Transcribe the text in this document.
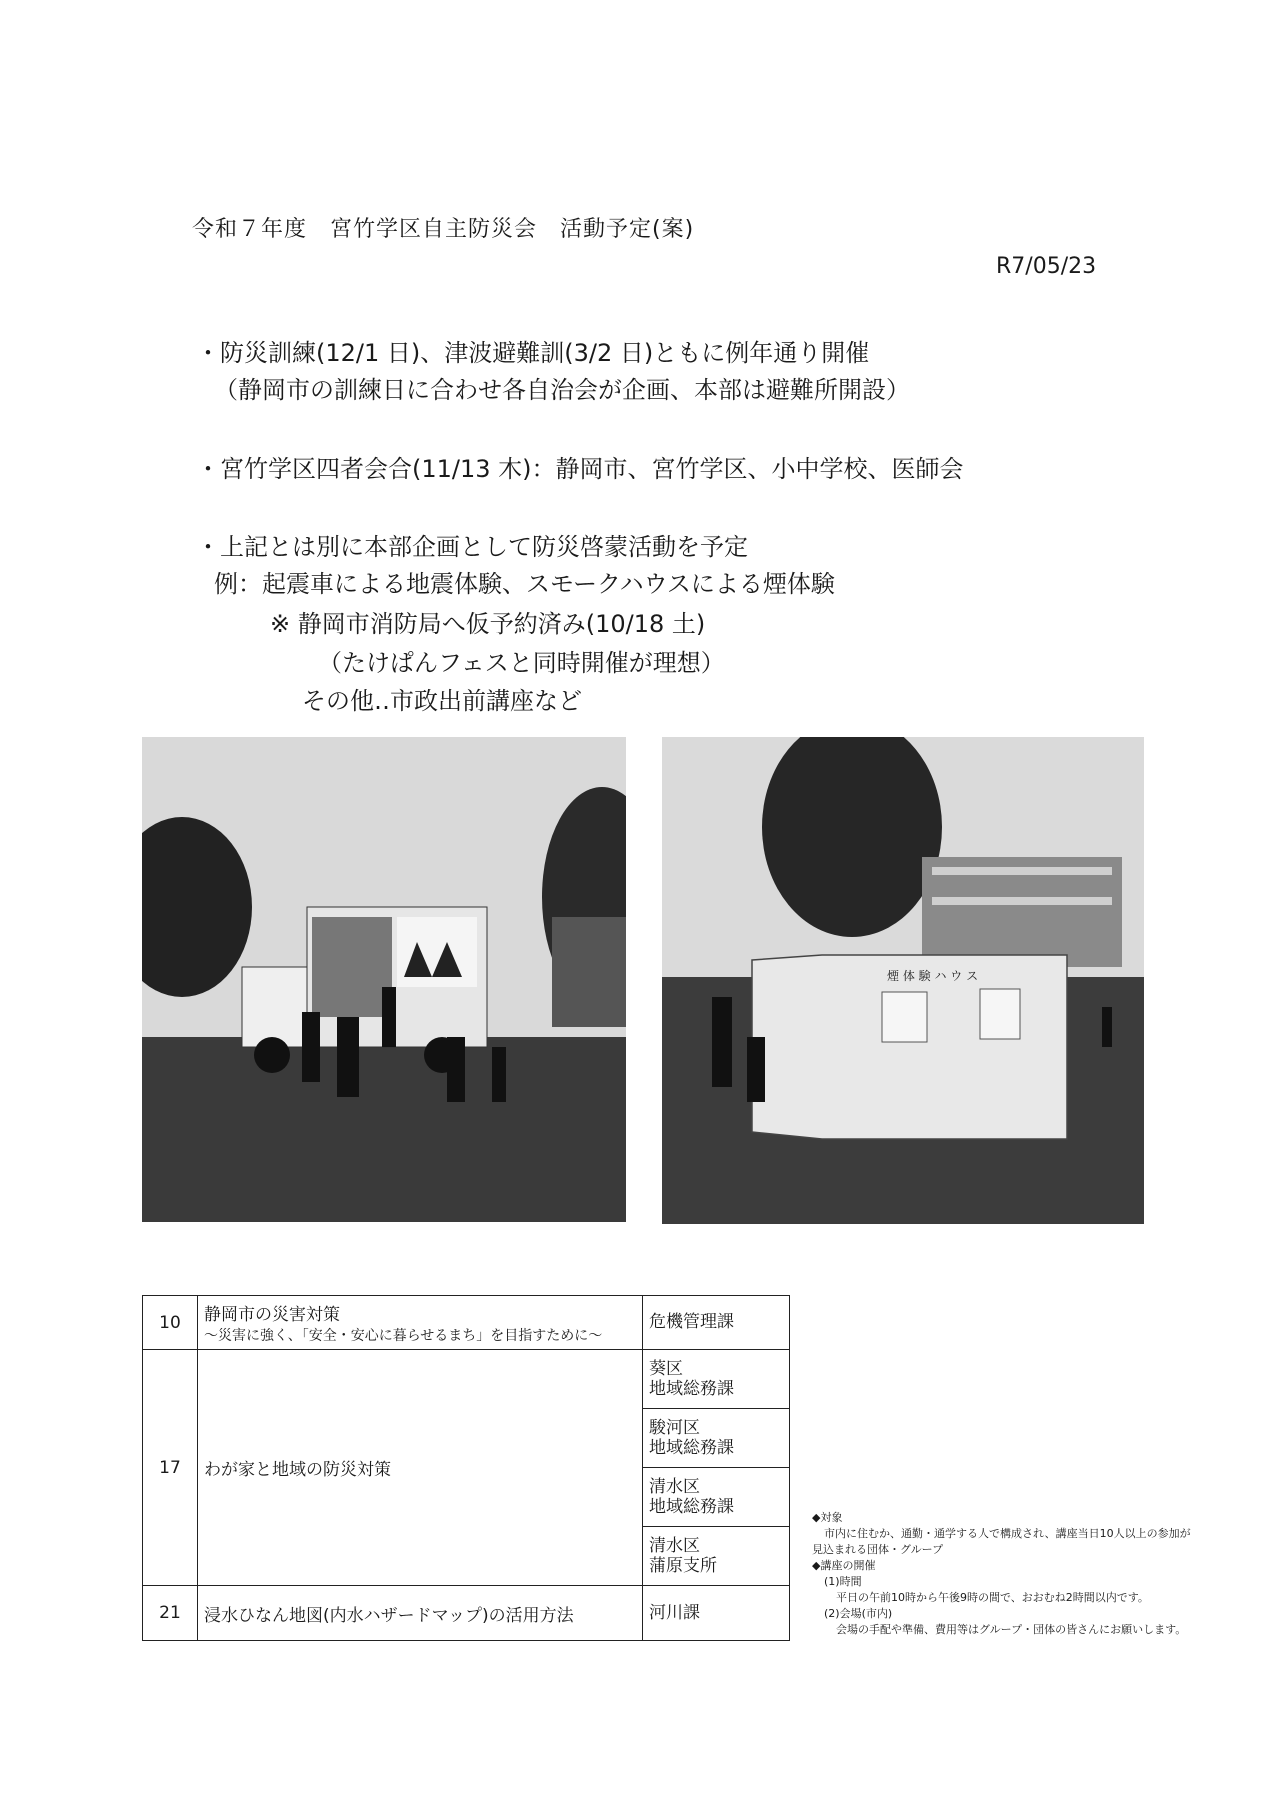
令和７年度　宮竹学区自主防災会　活動予定(案)
R7/05/23
・防災訓練(12/1 日)、津波避難訓(3/2 日)ともに例年通り開催
（静岡市の訓練日に合わせ各自治会が企画、本部は避難所開設）
・宮竹学区四者会合(11/13 木)：静岡市、宮竹学区、小中学校、医師会
・上記とは別に本部企画として防災啓蒙活動を予定
例：起震車による地震体験、スモークハウスによる煙体験
※ 静岡市消防局へ仮予約済み(10/18 土)
（たけぱんフェスと同時開催が理想）
その他‥市政出前講座など
煙 体 験 ハ ウ ス
10	静岡市の災害対策
～災害に強く、「安全・安心に暮らせるまち」を目指すために～	危機管理課	
17	わが家と地域の防災対策	葵区
地域総務課	
		駿河区
地域総務課	
		清水区
地域総務課	
		清水区
蒲原支所	
21	浸水ひなん地図(内水ハザードマップ)の活用方法	河川課	
◆対象
市内に住むか、通勤・通学する人で構成され、講座当日10人以上の参加が
見込まれる団体・グループ
◆講座の開催
(1)時間
平日の午前10時から午後9時の間で、おおむね2時間以内です。
(2)会場(市内)
会場の手配や準備、費用等はグループ・団体の皆さんにお願いします。
